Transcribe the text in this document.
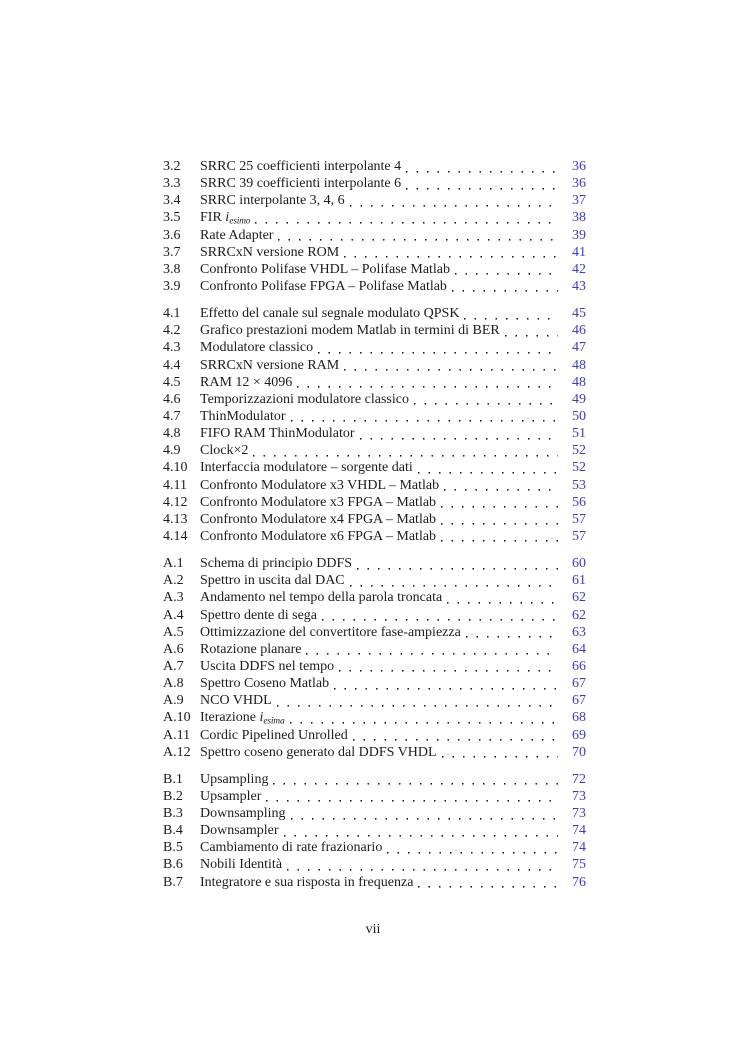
3.2	SRRC 25 coefficienti interpolante 4	36
3.3	SRRC 39 coefficienti interpolante 6	36
3.4	SRRC interpolante 3, 4, 6	37
3.5	FIR iesimo	38
3.6	Rate Adapter	39
3.7	SRRCxN versione ROM	41
3.8	Confronto Polifase VHDL – Polifase Matlab	42
3.9	Confronto Polifase FPGA – Polifase Matlab	43
4.1	Effetto del canale sul segnale modulato QPSK	45
4.2	Grafico prestazioni modem Matlab in termini di BER	46
4.3	Modulatore classico	47
4.4	SRRCxN versione RAM	48
4.5	RAM 12 × 4096	48
4.6	Temporizzazioni modulatore classico	49
4.7	ThinModulator	50
4.8	FIFO RAM ThinModulator	51
4.9	Clock×2	52
4.10 Interfaccia modulatore – sorgente dati	52
4.11 Confronto Modulatore x3 VHDL – Matlab	53
4.12 Confronto Modulatore x3 FPGA – Matlab	56
4.13 Confronto Modulatore x4 FPGA – Matlab	57
4.14 Confronto Modulatore x6 FPGA – Matlab	57
A.1	Schema di principio DDFS	60
A.2	Spettro in uscita dal DAC	61
A.3	Andamento nel tempo della parola troncata	62
A.4	Spettro dente di sega	62
A.5	Ottimizzazione del convertitore fase-ampiezza	63
A.6	Rotazione planare	64
A.7	Uscita DDFS nel tempo	66
A.8	Spettro Coseno Matlab	67
A.9	NCO VHDL	67
A.10 Iterazione iesima	68
A.11 Cordic Pipelined Unrolled	69
A.12 Spettro coseno generato dal DDFS VHDL	70
B.1	Upsampling	72
B.2	Upsampler	73
B.3	Downsampling	73
B.4	Downsampler	74
B.5	Cambiamento di rate frazionario	74
B.6	Nobili Identità	75
B.7	Integratore e sua risposta in frequenza	76
vii
